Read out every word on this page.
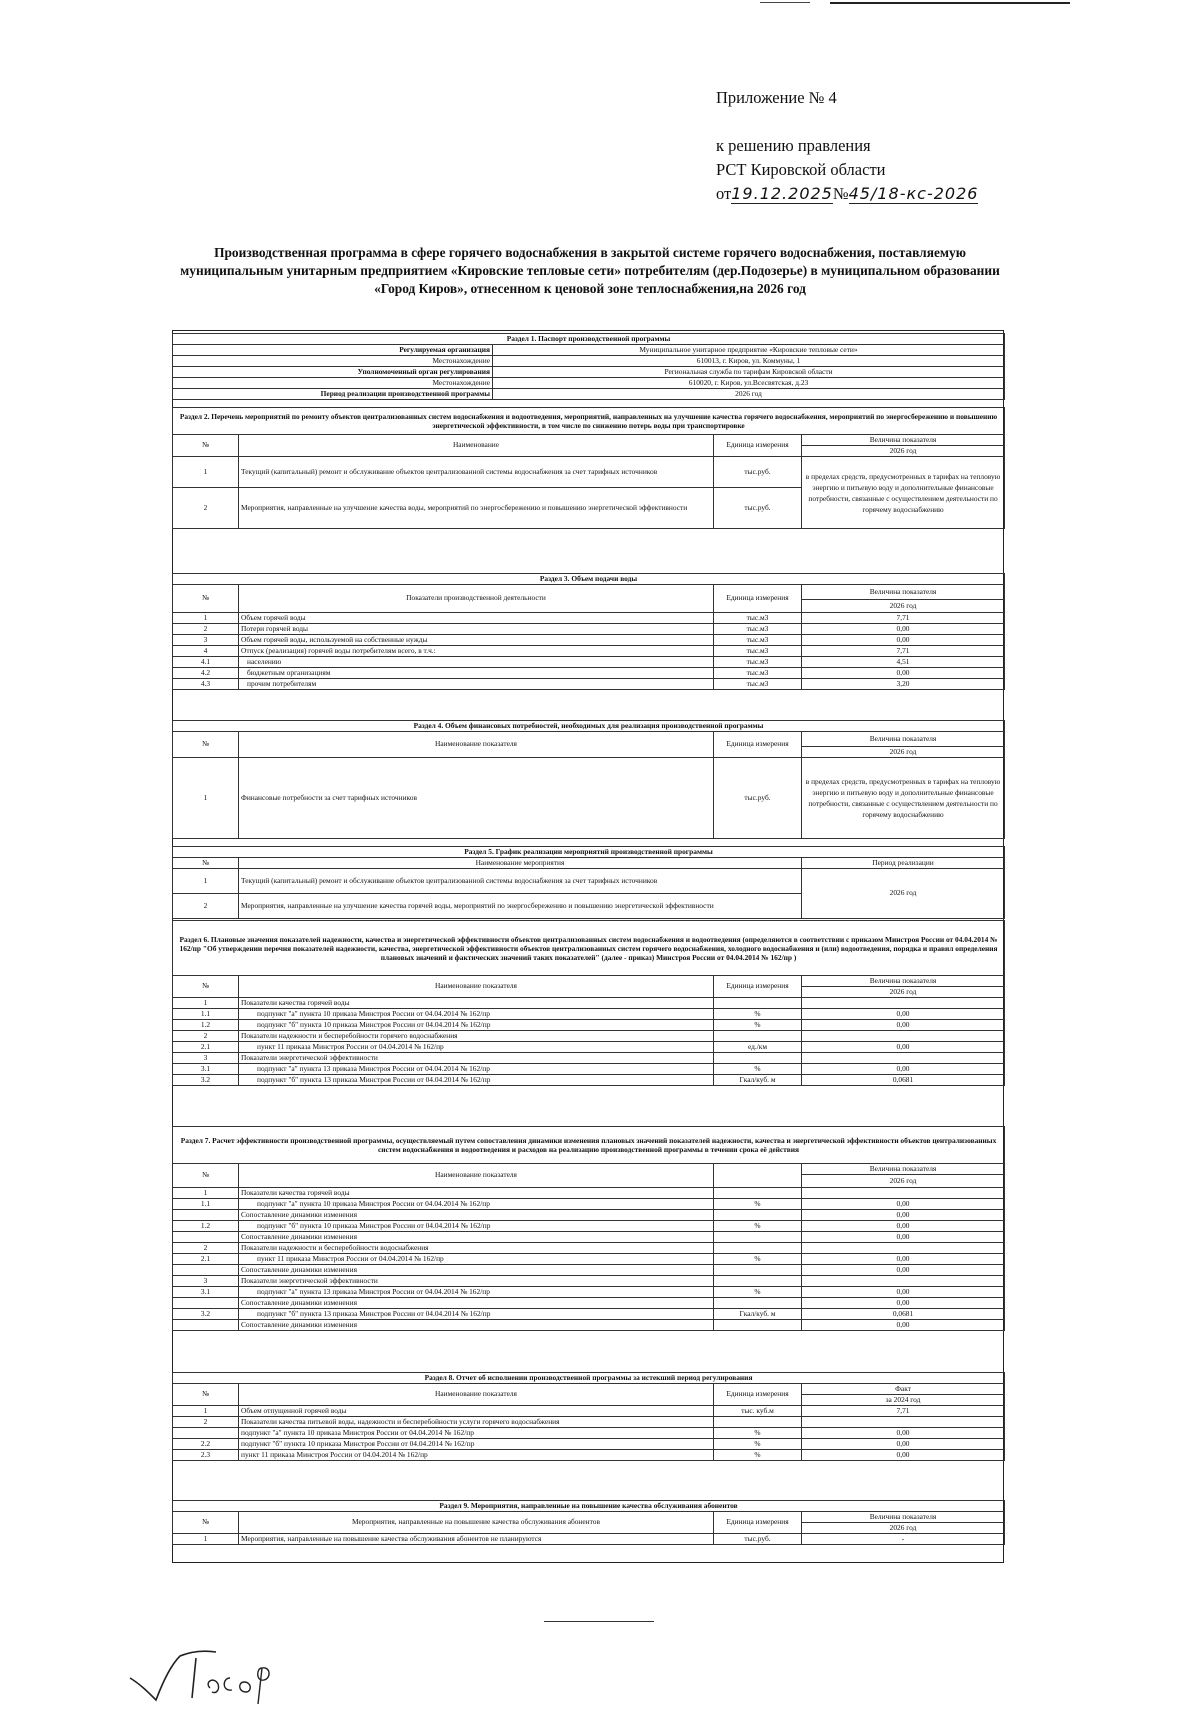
Приложение № 4
к решению правления
РСТ Кировской области
от19.12.2025№45/18-кс-2026
Производственная программа в сфере горячего водоснабжения в закрытой системе горячего водоснабжения, поставляемую муниципальным унитарным предприятием «Кировские тепловые сети» потребителям (дер.Подозерье) в муниципальном образовании «Город Киров», отнесенном к ценовой зоне теплоснабжения,на 2026 год
Раздел 1. Паспорт производственной программы	
Регулируемая организация	Муниципальное унитарное предприятие «Кировские тепловые сети»
Местонахождение	610013, г. Киров, ул. Коммуны, 1
Уполномоченный орган регулирования	Региональная служба по тарифам Кировской области
Местонахождение	610020, г. Киров, ул.Всесвятская, д.23
Период реализации производственной программы	2026 год
Раздел 2. Перечень мероприятий по ремонту объектов централизованных систем водоснабжения и водоотведения, мероприятий, направленных на улучшение качества горячего водоснабжения, мероприятий по энергосбережению и повышению энергетической эффективности, в том числе по снижению потерь воды при транспортировке			
№	Наименование	Единица измерения	Величина показателя
			2026 год
1	Текущий (капитальный) ремонт и обслуживание объектов централизованной системы водоснабжения за счет тарифных источников	тыс.руб.	в пределах средств, предусмотренных в тарифах на тепловую энергию и питьевую воду и дополнительные финансовые потребности, связанные с осуществлением деятельности по горячему водоснабжению
2	Мероприятия, направленные на улучшение качества воды, мероприятий по энергосбережению и повышению энергетической эффективности	тыс.руб.	
Раздел 3. Объем подачи воды			
№	Показатели производственной деятельности	Единица измерения	Величина показателя
			2026 год
1	Объем горячей воды	тыс.м3	7,71
2	Потери горячей воды	тыс.м3	0,00
3	Объем горячей воды, используемой на собственные нужды	тыс.м3	0,00
4	Отпуск (реализация) горячей воды потребителям всего, в т.ч.:	тыс.м3	7,71
4.1	населению	тыс.м3	4,51
4.2	бюджетным организациям	тыс.м3	0,00
4.3	прочим потребителям	тыс.м3	3,20
Раздел 4. Объем финансовых потребностей, необходимых для реализация производственной программы			
№	Наименование показателя	Единица измерения	Величина показателя
			2026 год
1	Финансовые потребности за счет тарифных источников	тыс.руб.	в пределах средств, предусмотренных в тарифах на тепловую энергию и питьевую воду и дополнительные финансовые потребности, связанные с осуществлением деятельности по горячему водоснабжению
Раздел 5. График реализации мероприятий производственной программы		
№	Наименование мероприятия	Период реализации
1	Текущий (капитальный) ремонт и обслуживание объектов централизованной системы водоснабжения за счет тарифных источников	2026 год
2	Мероприятия, направленные на улучшение качества горячей воды, мероприятий по энергосбережению и повышению энергетической эффективности	
Раздел 6. Плановые значения показателей надежности, качества и энергетической эффективности объектов централизованных систем водоснабжения и водоотведения (определяются в соответствии с приказом Минстроя России от 04.04.2014 № 162/пр "Об утверждении перечня показателей надежности, качества, энергетической эффективности объектов централизованных систем горячего водоснабжения, холодного водоснабжения и (или) водоотведения, порядка и правил определения плановых значений и фактических значений таких показателей" (далее - приказ) Минстроя России от 04.04.2014 № 162/пр )			
№	Наименование показателя	Единица измерения	Величина показателя
			2026 год
1	Показатели качества горячей воды		
1.1	подпункт "а" пункта 10 приказа Минстроя России от 04.04.2014 № 162/пр	%	0,00
1.2	подпункт "б" пункта 10 приказа Минстроя России от 04.04.2014 № 162/пр	%	0,00
2	Показатели надежности и бесперебойности горячего водоснабжения		
2.1	пункт 11 приказа Минстроя России от 04.04.2014 № 162/пр	ед./км	0,00
3	Показатели энергетической эффективности		
3.1	подпункт "а" пункта 13 приказа Минстроя России от 04.04.2014 № 162/пр	%	0,00
3.2	подпункт "б" пункта 13 приказа Минстроя России от 04.04.2014 № 162/пр	Гкал/куб. м	0,0681
Раздел 7. Расчет эффективности производственной программы, осуществляемый путем сопоставления динамики изменения плановых значений показателей надежности, качества и энергетической эффективности объектов централизованных систем водоснабжения и водоотведения и расходов на реализацию производственной программы в течении срока её действия			
№	Наименование показателя		Величина показателя
			2026 год
1	Показатели качества горячей воды		
1.1	подпункт "а" пункта 10 приказа Минстроя России от 04.04.2014 № 162/пр	%	0,00
	Сопоставление динамики изменения		0,00
1.2	подпункт "б" пункта 10 приказа Минстроя России от 04.04.2014 № 162/пр	%	0,00
	Сопоставление динамики изменения		0,00
2	Показатели надежности и бесперебойности водоснабжения		
2.1	пункт 11 приказа Минстроя России от 04.04.2014 № 162/пр	%	0,00
	Сопоставление динамики изменения		0,00
3	Показатели энергетической эффективности		
3.1	подпункт "а" пункта 13 приказа Минстроя России от 04.04.2014 № 162/пр	%	0,00
	Сопоставление динамики изменения		0,00
3.2	подпункт "б" пункта 13 приказа Минстроя России от 04.04.2014 № 162/пр	Гкал/куб. м	0,0681
	Сопоставление динамики изменения		0,00
Раздел 8. Отчет об исполнении производственной программы за истекший период регулирования			
№	Наименование показателя	Единица измерения	Факт
			за 2024 год
1	Объем отпущенной горячей воды	тыс. куб.м	7,71
2	Показатели качества питьевой воды, надежности и бесперебойности услуги горячего водоснабжения		
	подпункт "а" пункта 10 приказа Минстроя России от 04.04.2014 № 162/пр	%	0,00
2.2	подпункт "б" пункта 10 приказа Минстроя России от 04.04.2014 № 162/пр	%	0,00
2.3	пункт 11 приказа Минстроя России от 04.04.2014 № 162/пр	%	0,00
Раздел 9. Мероприятия, направленные на повышение качества обслуживания абонентов			
№	Мероприятия, направленные на повышение качества обслуживания абонентов	Единица измерения	Величина показателя
			2026 год
1	Мероприятия, направленные на повышение качества обслуживания абонентов не планируются	тыс.руб.	-
